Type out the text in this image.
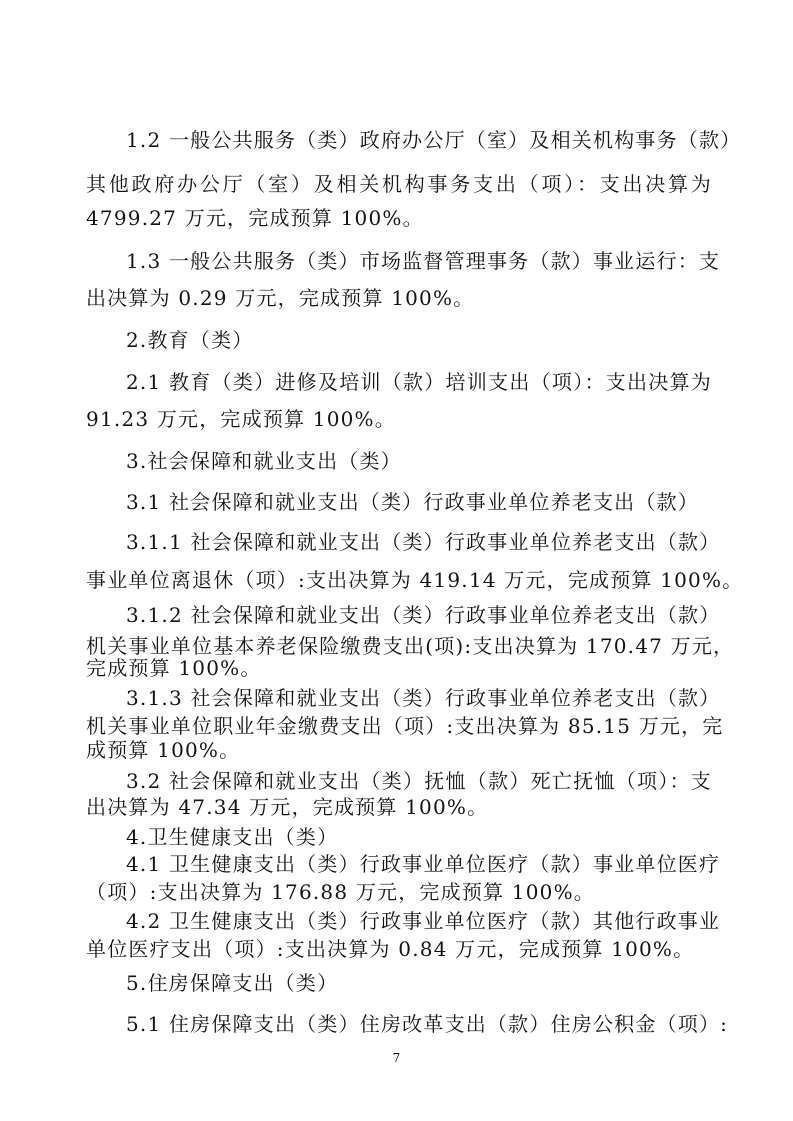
1.2 一般公共服务（类）政府办公厅（室）及相关机构事务（款）
其他政府办公厅（室）及相关机构事务支出（项）：支出决算为
4799.27 万元，完成预算 100%。
1.3 一般公共服务（类）市场监督管理事务（款）事业运行：支
出决算为 0.29 万元，完成预算 100%。
2.教育（类）
2.1 教育（类）进修及培训（款）培训支出（项）：支出决算为
91.23 万元，完成预算 100%。
3.社会保障和就业支出（类）
3.1 社会保障和就业支出（类）行政事业单位养老支出（款）
3.1.1 社会保障和就业支出（类）行政事业单位养老支出（款）
事业单位离退休（项）:支出决算为 419.14 万元，完成预算 100%。
3.1.2 社会保障和就业支出（类）行政事业单位养老支出（款）
机关事业单位基本养老保险缴费支出(项):支出决算为 170.47 万元，
完成预算 100%。
3.1.3 社会保障和就业支出（类）行政事业单位养老支出（款）
机关事业单位职业年金缴费支出（项）:支出决算为 85.15 万元，完
成预算 100%。
3.2 社会保障和就业支出（类）抚恤（款）死亡抚恤（项）：支
出决算为 47.34 万元，完成预算 100%。
4.卫生健康支出（类）
4.1 卫生健康支出（类）行政事业单位医疗（款）事业单位医疗
（项）:支出决算为 176.88 万元，完成预算 100%。
4.2 卫生健康支出（类）行政事业单位医疗（款）其他行政事业
单位医疗支出（项）:支出决算为 0.84 万元，完成预算 100%。
5.住房保障支出（类）
5.1 住房保障支出（类）住房改革支出（款）住房公积金（项）:
7
